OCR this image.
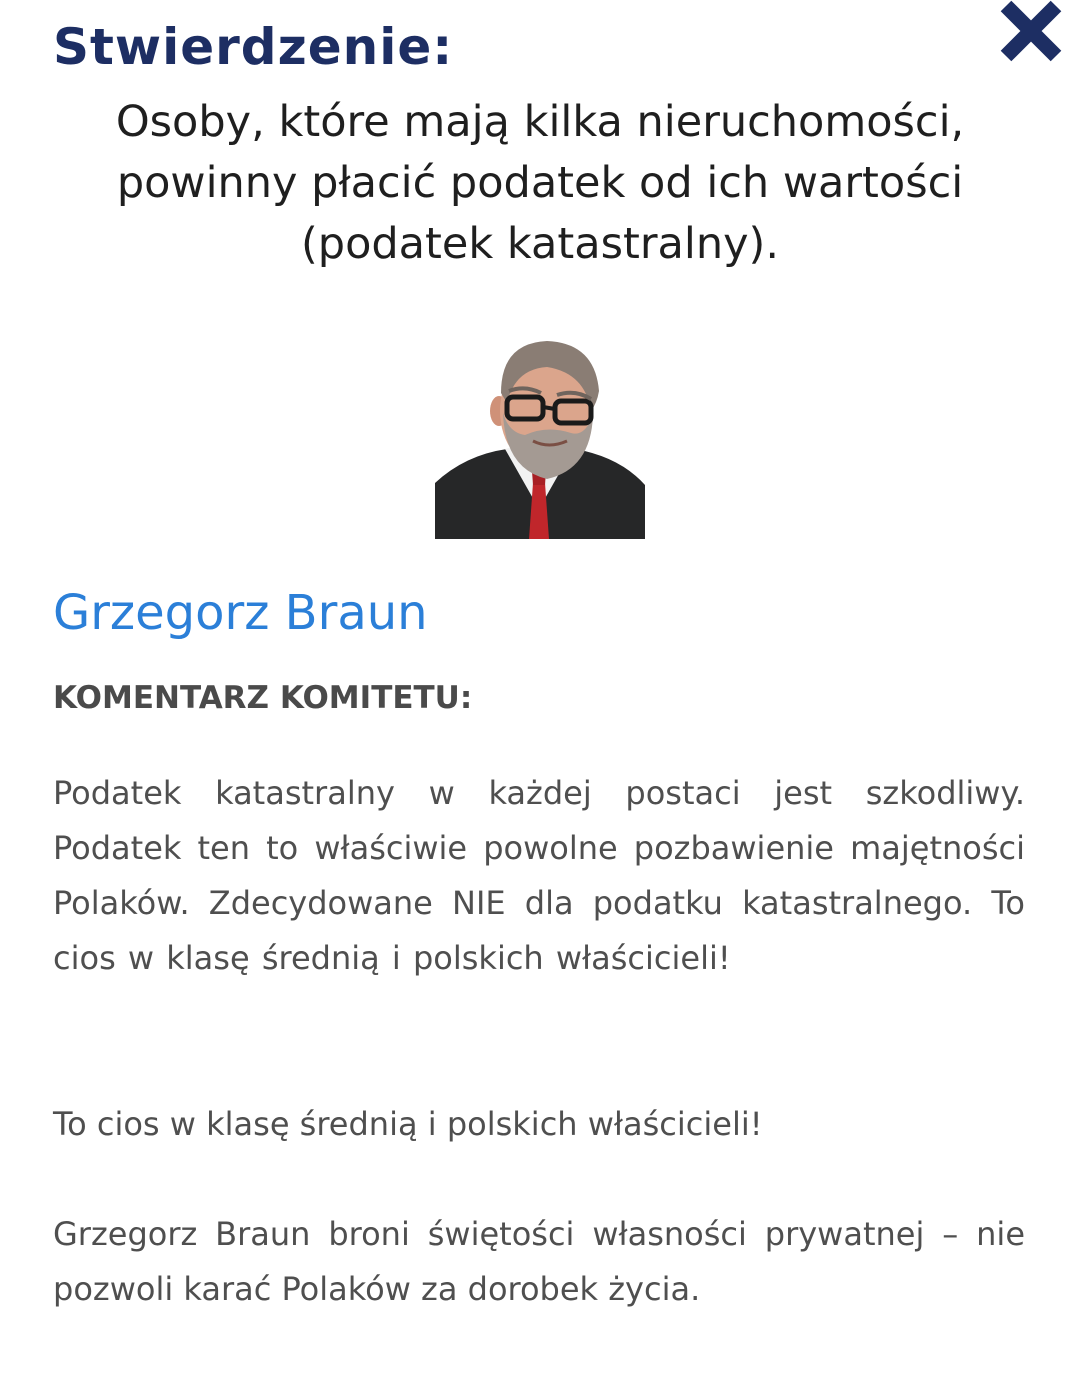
Stwierdzenie:

Osoby, które mają kilka nieruchomości, powinny płacić podatek od ich wartości (podatek katastralny).

Grzegorz Braun
KOMENTARZ KOMITETU:

Podatek katastralny w każdej postaci jest szkodliwy. Podatek ten to właściwie powolne pozbawienie majętności Polaków. Zdecydowane NIE dla podatku katastralnego. To cios w klasę średnią i polskich właścicieli!

To cios w klasę średnią i polskich właścicieli!

Grzegorz Braun broni świętości własności prywatnej – nie pozwoli karać Polaków za dorobek życia.
